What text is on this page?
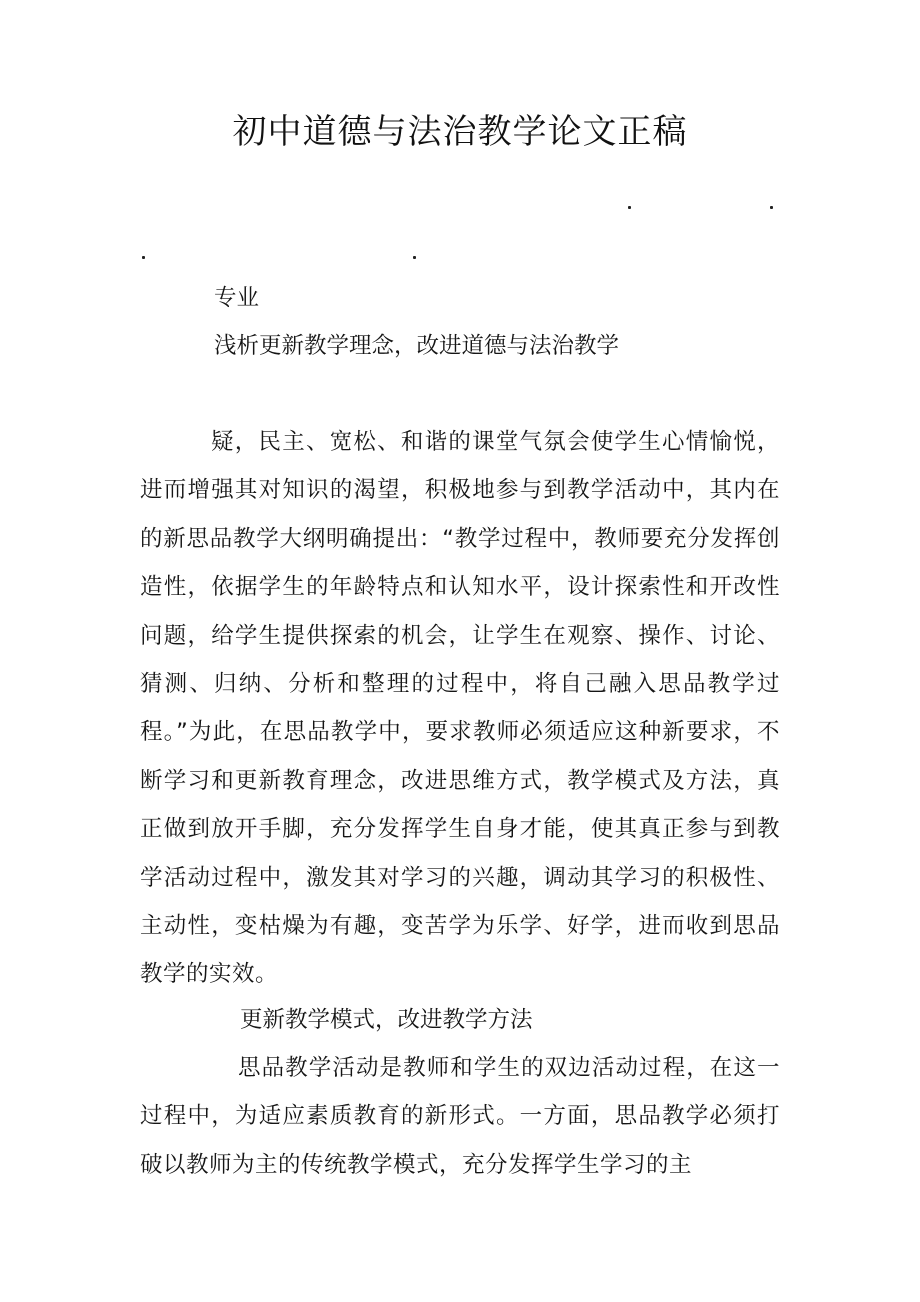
初中道德与法治教学论文正稿
专业
浅析更新教学理念，改进道德与法治教学

疑，民主、宽松、和谐的课堂气氛会使学生心情愉悦，进而增强其对知识的渴望，积极地参与到教学活动中，其内在的新思品教学大纲明确提出：“教学过程中，教师要充分发挥创造性，依据学生的年龄特点和认知水平，设计探索性和开改性问题，给学生提供探索的机会，让学生在观察、操作、讨论、猜测、归纳、分析和整理的过程中，将自己融入思品教学过程。”为此，在思品教学中，要求教师必须适应这种新要求，不断学习和更新教育理念，改进思维方式，教学模式及方法，真正做到放开手脚，充分发挥学生自身才能，使其真正参与到教学活动过程中，激发其对学习的兴趣，调动其学习的积极性、主动性，变枯燥为有趣，变苦学为乐学、好学，进而收到思品教学的实效。

更新教学模式，改进教学方法

思品教学活动是教师和学生的双边活动过程，在这一过程中，为适应素质教育的新形式。一方面，思品教学必须打破以教师为主的传统教学模式，充分发挥学生学习的主
